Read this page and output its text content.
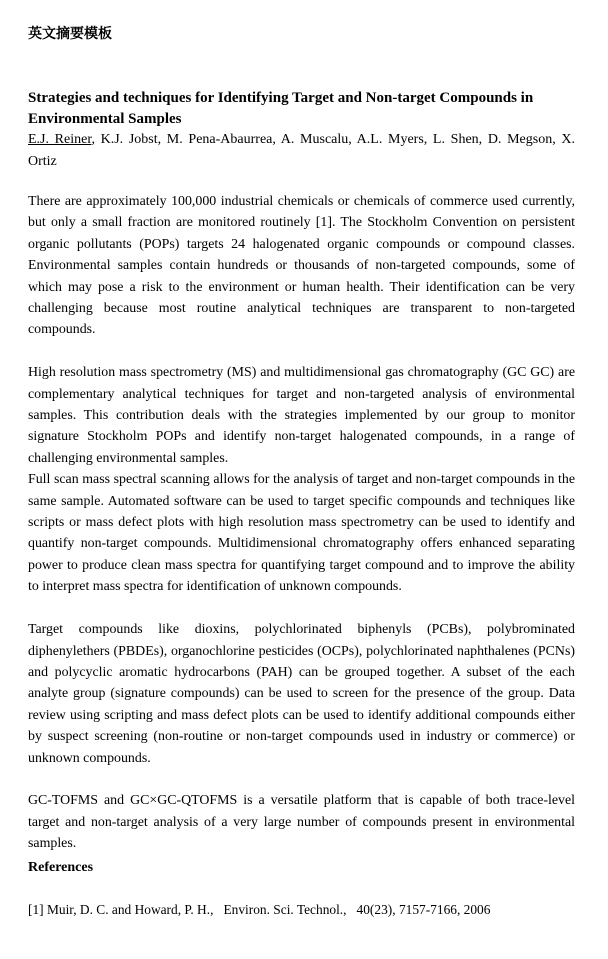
英文摘要模板
Strategies and techniques for Identifying Target and Non-target Compounds in Environmental Samples
E.J. Reiner, K.J. Jobst, M. Pena-Abaurrea, A. Muscalu, A.L. Myers, L. Shen, D. Megson, X. Ortiz

There are approximately 100,000 industrial chemicals or chemicals of commerce used currently, but only a small fraction are monitored routinely [1]. The Stockholm Convention on persistent organic pollutants (POPs) targets 24 halogenated organic compounds or compound classes. Environmental samples contain hundreds or thousands of non-targeted compounds, some of which may pose a risk to the environment or human health. Their identification can be very challenging because most routine analytical techniques are transparent to non-targeted compounds.

High resolution mass spectrometry (MS) and multidimensional gas chromatography (GC GC) are complementary analytical techniques for target and non-targeted analysis of environmental samples. This contribution deals with the strategies implemented by our group to monitor signature Stockholm POPs and identify non-target halogenated compounds, in a range of challenging environmental samples.

Full scan mass spectral scanning allows for the analysis of target and non-target compounds in the same sample. Automated software can be used to target specific compounds and techniques like scripts or mass defect plots with high resolution mass spectrometry can be used to identify and quantify non-target compounds. Multidimensional chromatography offers enhanced separating power to produce clean mass spectra for quantifying target compound and to improve the ability to interpret mass spectra for identification of unknown compounds.

Target compounds like dioxins, polychlorinated biphenyls (PCBs), polybrominated diphenylethers (PBDEs), organochlorine pesticides (OCPs), polychlorinated naphthalenes (PCNs) and polycyclic aromatic hydrocarbons (PAH) can be grouped together. A subset of the each analyte group (signature compounds) can be used to screen for the presence of the group. Data review using scripting and mass defect plots can be used to identify additional compounds either by suspect screening (non-routine or non-target compounds used in industry or commerce) or unknown compounds.

GC-TOFMS and GC×GC-QTOFMS is a versatile platform that is capable of both trace-level target and non-target analysis of a very large number of compounds present in environmental samples.

References
[1] Muir, D. C. and Howard, P. H.,   Environ. Sci. Technol.,   40(23), 7157-7166, 2006
